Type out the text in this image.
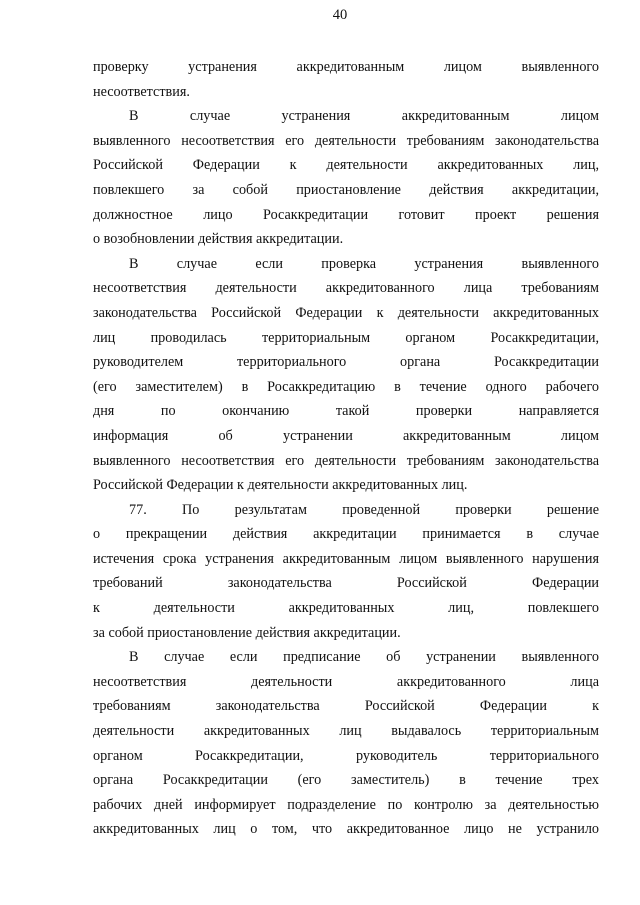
40
проверку устранения аккредитованным лицом выявленного
несоответствия.
В случае устранения аккредитованным лицом
выявленного несоответствия его деятельности требованиям законодательства
Российской Федерации к деятельности аккредитованных лиц,
повлекшего за собой приостановление действия аккредитации,
должностное лицо Росаккредитации готовит проект решения
о возобновлении действия аккредитации.
В случае если проверка устранения выявленного
несоответствия деятельности аккредитованного лица требованиям
законодательства Российской Федерации к деятельности аккредитованных
лиц проводилась территориальным органом Росаккредитации,
руководителем территориального органа Росаккредитации
(его заместителем) в Росаккредитацию в течение одного рабочего
дня по окончанию такой проверки направляется
информация об устранении аккредитованным лицом
выявленного несоответствия его деятельности требованиям законодательства
Российской Федерации к деятельности аккредитованных лиц.
77. По результатам проведенной проверки решение
о прекращении действия аккредитации принимается в случае
истечения срока устранения аккредитованным лицом выявленного нарушения
требований законодательства Российской Федерации
к деятельности аккредитованных лиц, повлекшего
за собой приостановление действия аккредитации.
В случае если предписание об устранении выявленного
несоответствия деятельности аккредитованного лица
требованиям законодательства Российской Федерации к
деятельности аккредитованных лиц выдавалось территориальным
органом Росаккредитации, руководитель территориального
органа Росаккредитации (его заместитель) в течение трех
рабочих дней информирует подразделение по контролю за деятельностью
аккредитованных лиц о том, что аккредитованное лицо не устранило
